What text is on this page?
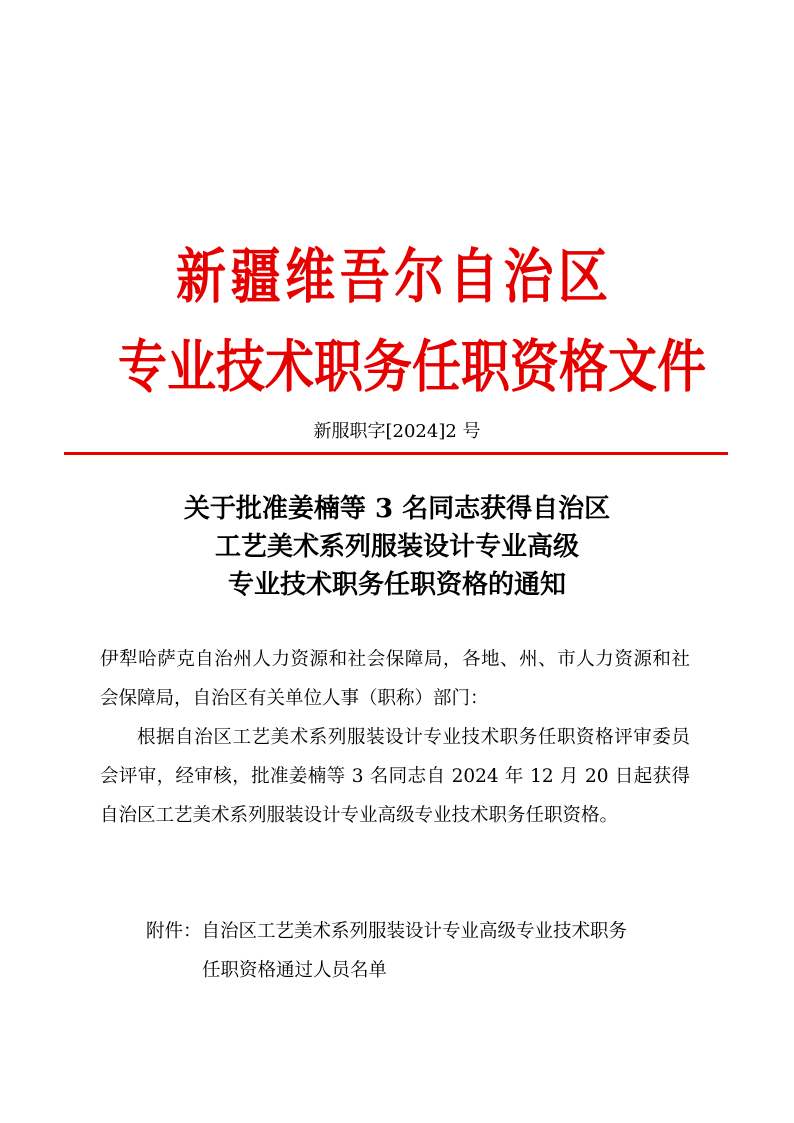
新疆维吾尔自治区
专业技术职务任职资格文件
新服职字[2024]2 号
关于批准姜楠等 3 名同志获得自治区
工艺美术系列服装设计专业高级
专业技术职务任职资格的通知

伊犁哈萨克自治州人力资源和社会保障局，各地、州、市人力资源和社会保障局，自治区有关单位人事（职称）部门：

根据自治区工艺美术系列服装设计专业技术职务任职资格评审委员会评审，经审核，批准姜楠等 3 名同志自 2024 年 12 月 20 日起获得自治区工艺美术系列服装设计专业高级专业技术职务任职资格。

附件：自治区工艺美术系列服装设计专业高级专业技术职务
任职资格通过人员名单
